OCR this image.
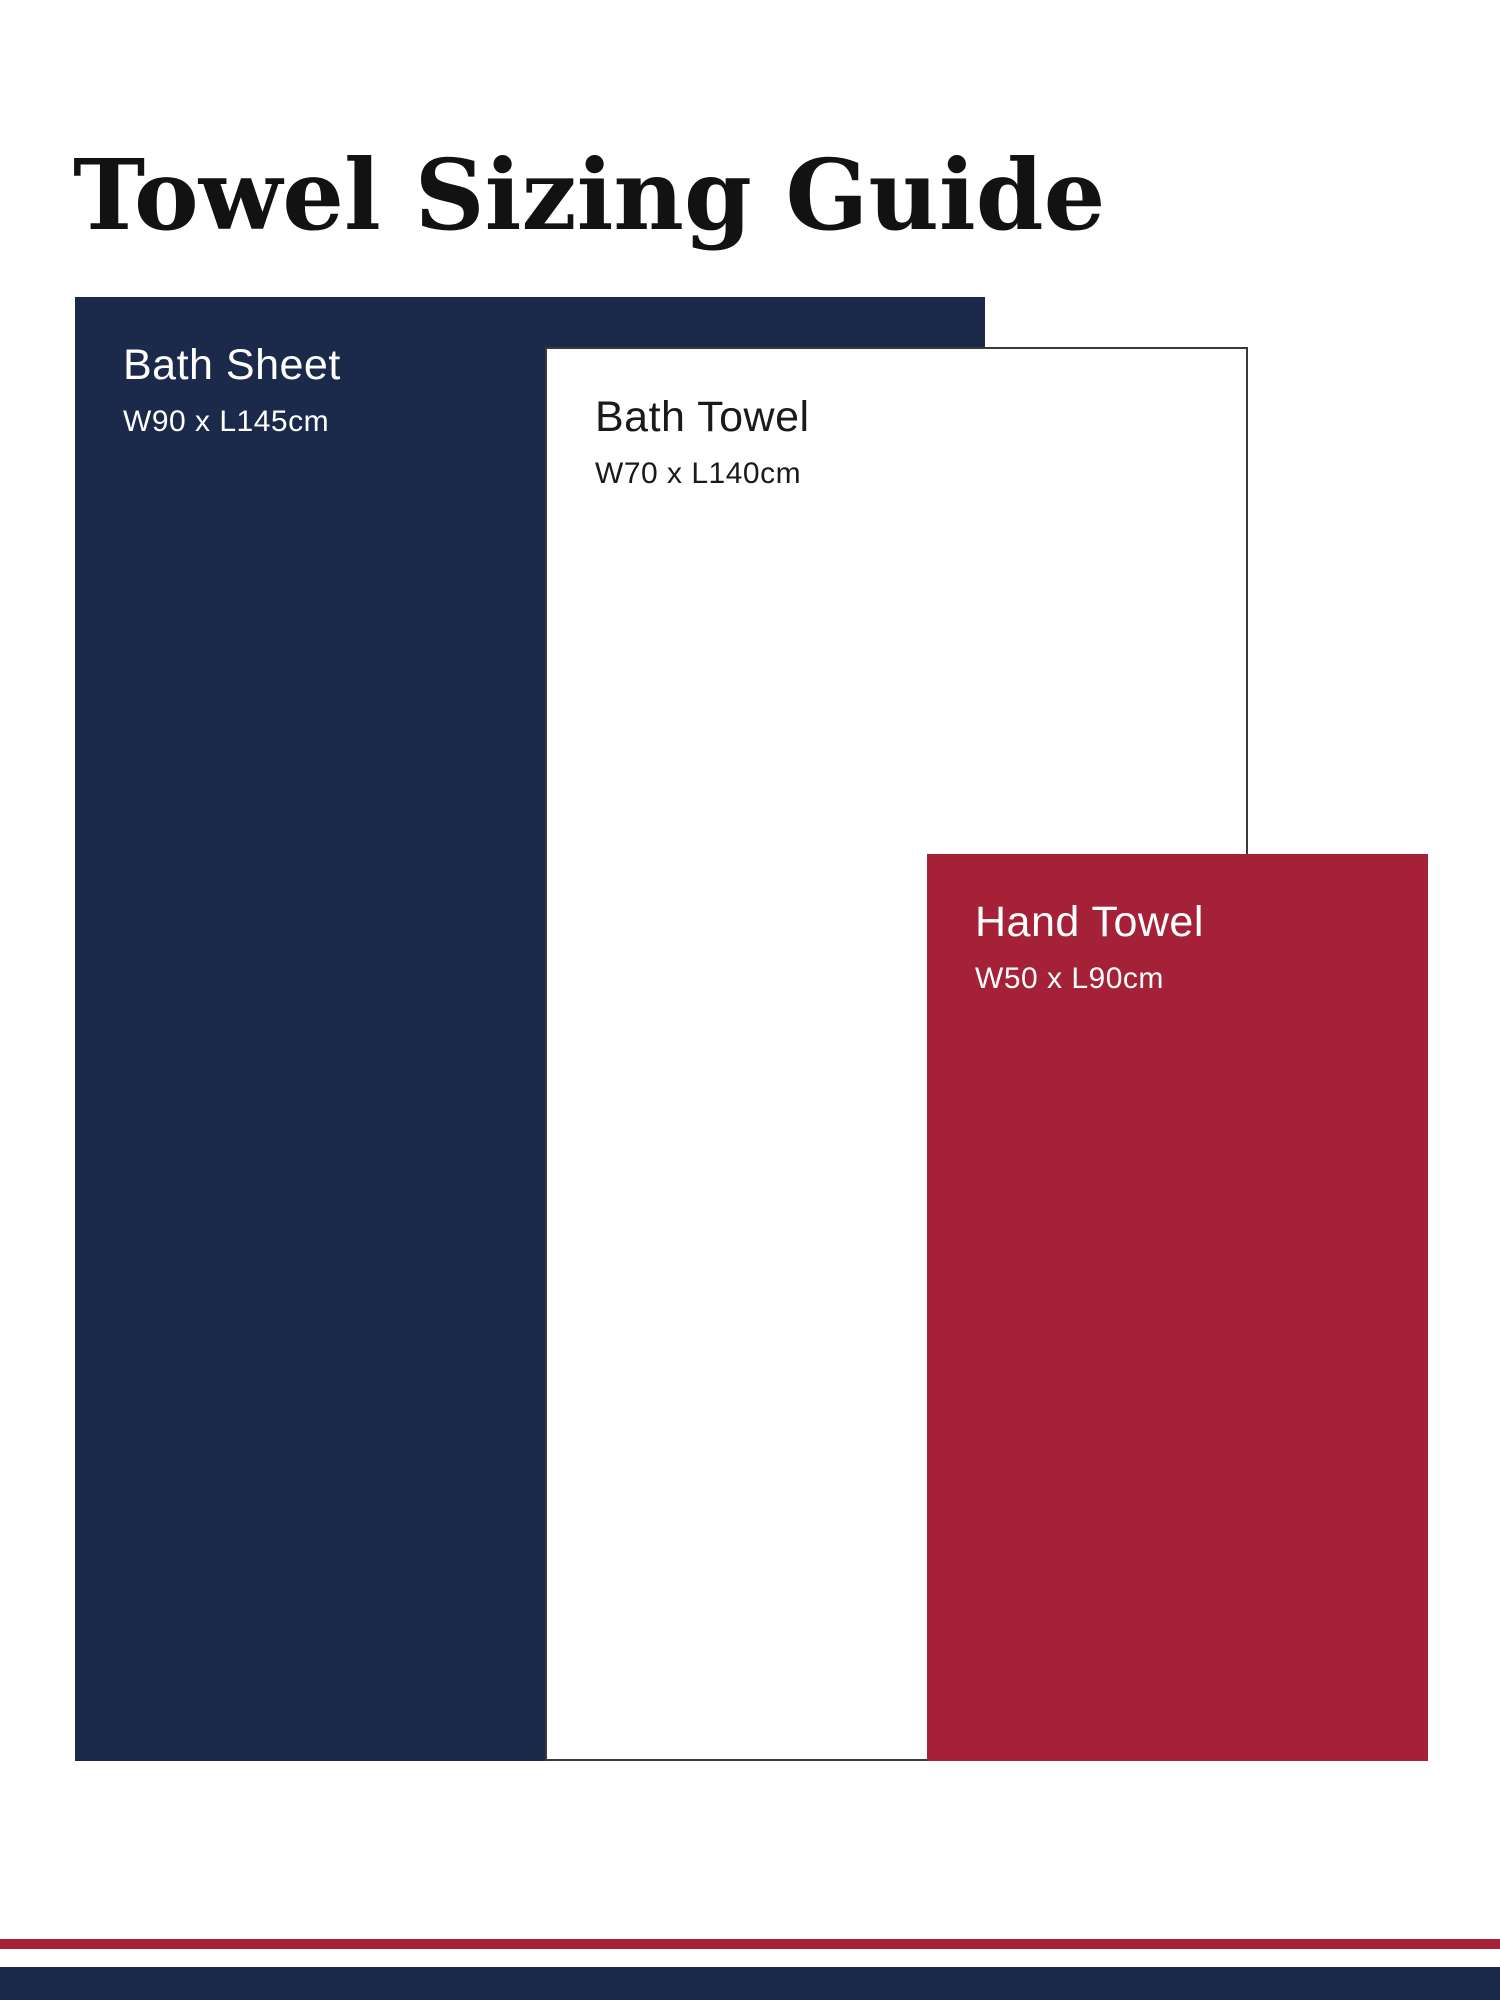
Towel Sizing Guide
Bath Sheet
W90 x L145cm	Bath Towel
W70 x L140cm
Hand Towel
W50 x L90cm
